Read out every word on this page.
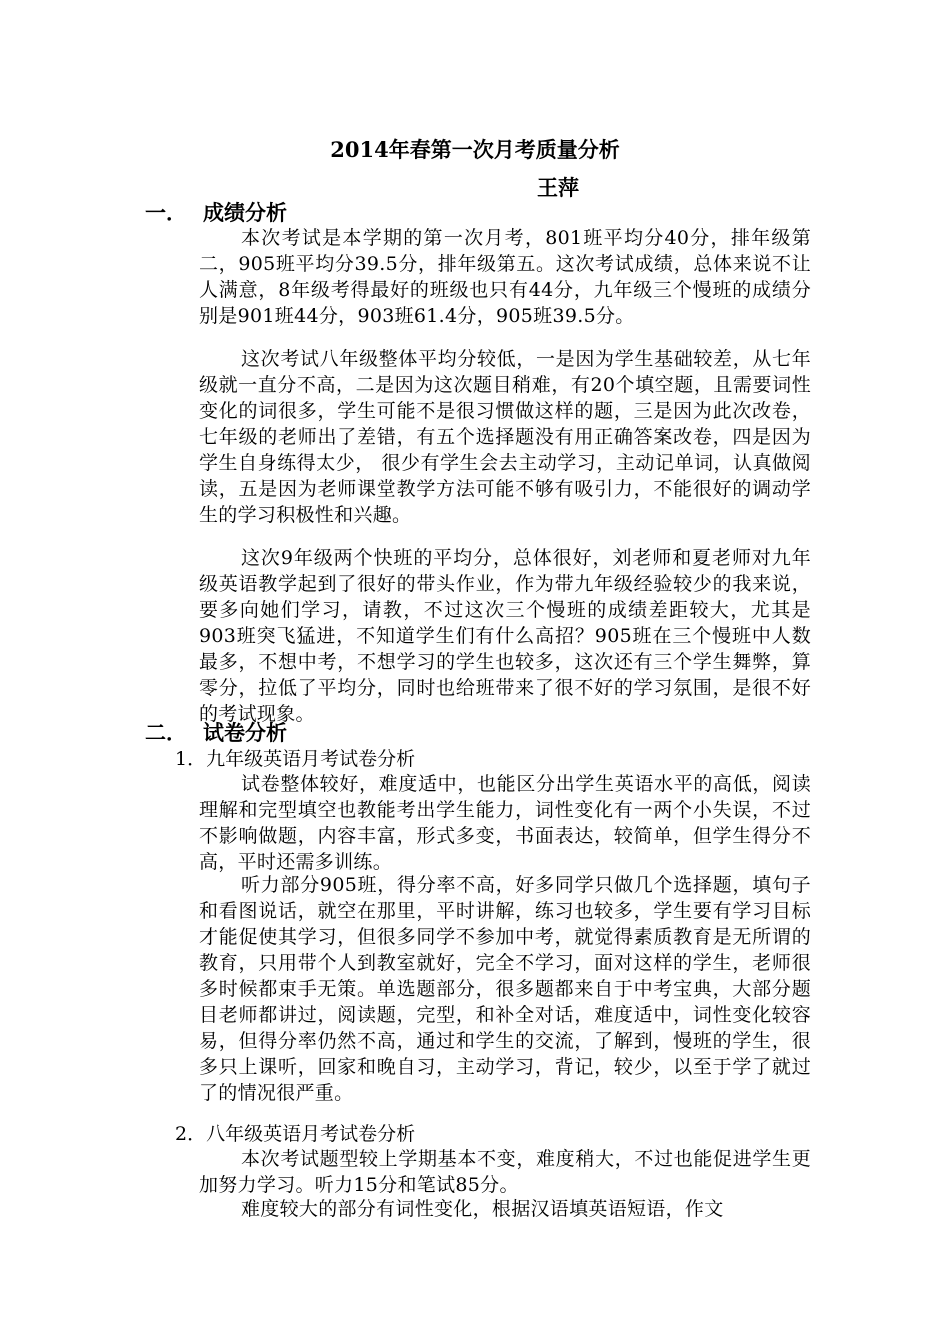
2014年春第一次月考质量分析
王萍
一． 成绩分析

本次考试是本学期的第一次月考，801班平均分40分，排年级第二，905班平均分39.5分，排年级第五。这次考试成绩，总体来说不让人满意，8年级考得最好的班级也只有44分，九年级三个慢班的成绩分别是901班44分，903班61.4分，905班39.5分。

这次考试八年级整体平均分较低，一是因为学生基础较差，从七年级就一直分不高，二是因为这次题目稍难，有20个填空题，且需要词性变化的词很多，学生可能不是很习惯做这样的题，三是因为此次改卷，七年级的老师出了差错，有五个选择题没有用正确答案改卷，四是因为学生自身练得太少， 很少有学生会去主动学习，主动记单词，认真做阅读，五是因为老师课堂教学方法可能不够有吸引力，不能很好的调动学生的学习积极性和兴趣。

这次9年级两个快班的平均分，总体很好，刘老师和夏老师对九年级英语教学起到了很好的带头作业，作为带九年级经验较少的我来说，要多向她们学习，请教，不过这次三个慢班的成绩差距较大，尤其是903班突飞猛进，不知道学生们有什么高招？905班在三个慢班中人数最多，不想中考，不想学习的学生也较多，这次还有三个学生舞弊，算零分，拉低了平均分，同时也给班带来了很不好的学习氛围，是很不好的考试现象。

二． 试卷分析
1．九年级英语月考试卷分析

试卷整体较好，难度适中，也能区分出学生英语水平的高低，阅读理解和完型填空也教能考出学生能力，词性变化有一两个小失误，不过不影响做题，内容丰富，形式多变，书面表达，较简单，但学生得分不高，平时还需多训练。

听力部分905班，得分率不高，好多同学只做几个选择题，填句子和看图说话，就空在那里，平时讲解，练习也较多，学生要有学习目标才能促使其学习，但很多同学不参加中考，就觉得素质教育是无所谓的教育，只用带个人到教室就好，完全不学习，面对这样的学生，老师很多时候都束手无策。单选题部分，很多题都来自于中考宝典，大部分题目老师都讲过，阅读题，完型，和补全对话，难度适中，词性变化较容易，但得分率仍然不高，通过和学生的交流，了解到，慢班的学生，很多只上课听，回家和晚自习，主动学习，背记，较少，以至于学了就过了的情况很严重。

2．八年级英语月考试卷分析

本次考试题型较上学期基本不变，难度稍大，不过也能促进学生更加努力学习。听力15分和笔试85分。

难度较大的部分有词性变化，根据汉语填英语短语，作文
